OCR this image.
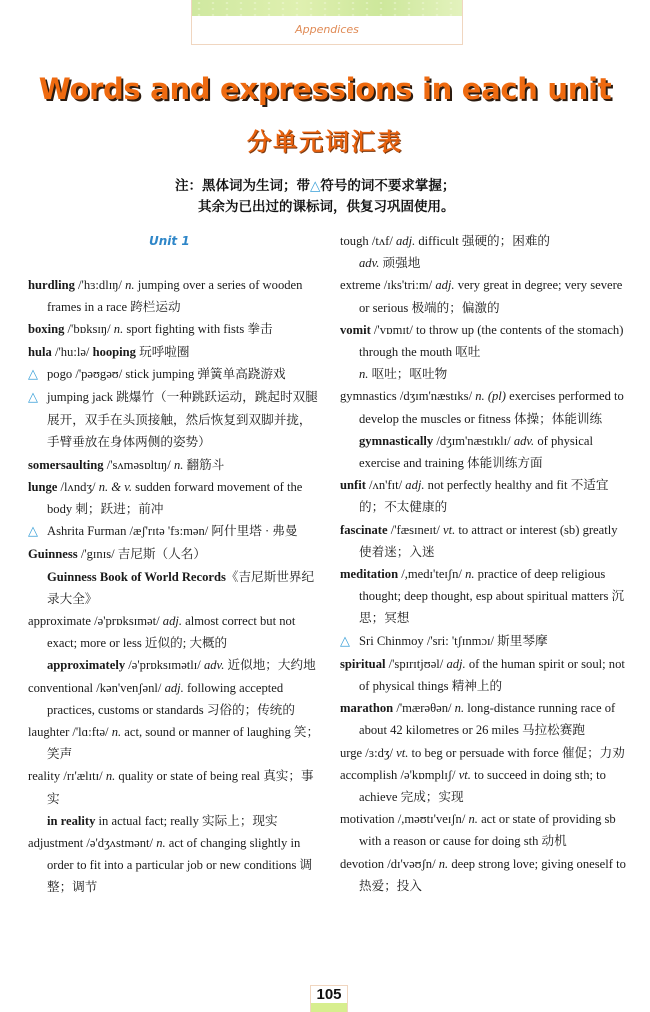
Appendices
Words and expressions in each unit
分单元词汇表
注：黑体词为生词；带△符号的词不要求掌握；
其余为已出过的课标词，供复习巩固使用。
Unit 1
hurdling /'hɜ:dlɪŋ/ n. jumping over a series of wooden frames in a race 跨栏运动
boxing /'bɒksɪŋ/ n. sport fighting with fists 拳击
hula /'hu:lə/ hooping 玩呼啦圈
△ pogo /'pəʊgəʊ/ stick jumping 弹簧单高跷游戏
△ jumping jack 跳爆竹（一种跳跃运动，跳起时双腿展开，双手在头顶接触，然后恢复到双脚并拢，手臂垂放在身体两侧的姿势）
somersaulting /'sʌməsɒltɪŋ/ n. 翻筋斗
lunge /lʌndʒ/ n. & v. sudden forward movement of the body 刺；跃进；前冲
△ Ashrita Furman /æʃ'rɪtə 'fɜ:mən/ 阿什里塔 · 弗曼
Guinness /'gɪnɪs/ 吉尼斯（人名）
Guinness Book of World Records《吉尼斯世界纪录大全》
approximate /ə'prɒksɪmət/ adj. almost correct but not exact; more or less 近似的; 大概的
approximately /ə'prɒksɪmətlɪ/ adv. 近似地；大约地
conventional /kən'venʃənl/ adj. following accepted practices, customs or standards 习俗的；传统的
laughter /'lɑ:ftə/ n. act, sound or manner of laughing 笑；笑声
reality /rɪ'ælɪtɪ/ n. quality or state of being real 真实；事实
in reality in actual fact; really 实际上；现实
adjustment /ə'dʒʌstmənt/ n. act of changing slightly in order to fit into a particular job or new conditions 调整；调节
tough /tʌf/ adj. difficult 强硬的；困难的
adv. 顽强地
extreme /ɪks'tri:m/ adj. very great in degree; very severe or serious 极端的；偏激的
vomit /'vɒmɪt/ to throw up (the contents of the stomach) through the mouth 呕吐
n. 呕吐；呕吐物
gymnastics /dʒɪm'næstɪks/ n. (pl) exercises performed to develop the muscles or fitness 体操；体能训练
gymnastically /dʒɪm'næstɪklɪ/ adv. of physical exercise and training 体能训练方面
unfit /ʌn'fɪt/ adj. not perfectly healthy and fit 不适宜的；不太健康的
fascinate /'fæsɪneɪt/ vt. to attract or interest (sb) greatly 使着迷；入迷
meditation /,medɪ'teɪʃn/ n. practice of deep religious thought; deep thought, esp about spiritual matters 沉思；冥想
△ Sri Chinmoy /'sri: 'tʃɪnmɔɪ/ 斯里琴摩
spiritual /'spɪrɪtjʊəl/ adj. of the human spirit or soul; not of physical things 精神上的
marathon /'mærəθən/ n. long-distance running race of about 42 kilometres or 26 miles 马拉松赛跑
urge /ɜ:dʒ/ vt. to beg or persuade with force 催促；力劝
accomplish /ə'kɒmplɪʃ/ vt. to succeed in doing sth; to achieve 完成；实现
motivation /,məʊtɪ'veɪʃn/ n. act or state of providing sb with a reason or cause for doing sth 动机
devotion /dɪ'vəʊʃn/ n. deep strong love; giving oneself to 热爱；投入
105
